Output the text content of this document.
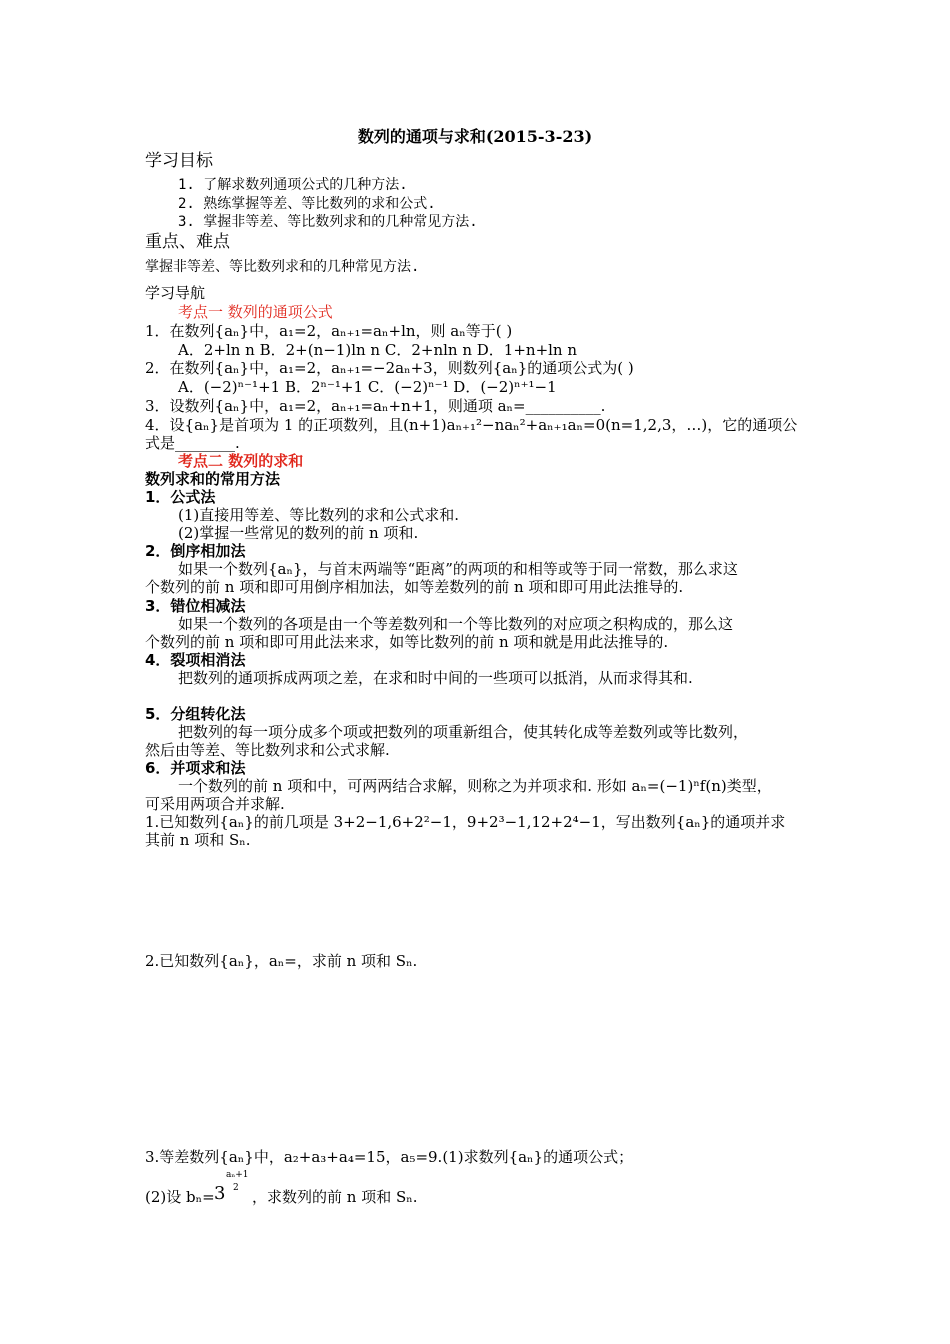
数列的通项与求和(2015-3-23)
学习目标
1. 了解求数列通项公式的几种方法.
2. 熟练掌握等差、等比数列的求和公式.
3. 掌握非等差、等比数列求和的几种常见方法.
重点、难点
掌握非等差、等比数列求和的几种常见方法.
学习导航
考点一 数列的通项公式
1．在数列{aₙ}中，a₁=2，aₙ₊₁=aₙ+ln，则 aₙ等于( )
A．2+ln n B．2+(n−1)ln n C．2+nln n D．1+n+ln n
2．在数列{aₙ}中，a₁=2，aₙ₊₁=−2aₙ+3，则数列{aₙ}的通项公式为( )
A．(−2)ⁿ⁻¹+1 B．2ⁿ⁻¹+1 C．(−2)ⁿ⁻¹ D．(−2)ⁿ⁺¹−1
3．设数列{aₙ}中，a₁=2，aₙ₊₁=aₙ+n+1，则通项 aₙ=__________.
4．设{aₙ}是首项为 1 的正项数列，且(n+1)aₙ₊₁²−naₙ²+aₙ₊₁aₙ=0(n=1,2,3，…)，它的通项公
式是________.
考点二 数列的求和
数列求和的常用方法
1．公式法
(1)直接用等差、等比数列的求和公式求和.
(2)掌握一些常见的数列的前 n 项和.
2．倒序相加法
如果一个数列{aₙ}，与首末两端等“距离”的两项的和相等或等于同一常数，那么求这
个数列的前 n 项和即可用倒序相加法，如等差数列的前 n 项和即可用此法推导的.
3．错位相减法
如果一个数列的各项是由一个等差数列和一个等比数列的对应项之积构成的，那么这
个数列的前 n 项和即可用此法来求，如等比数列的前 n 项和就是用此法推导的.
4．裂项相消法
把数列的通项拆成两项之差，在求和时中间的一些项可以抵消，从而求得其和.
5．分组转化法
把数列的每一项分成多个项或把数列的项重新组合，使其转化成等差数列或等比数列，
然后由等差、等比数列求和公式求解.
6．并项求和法
一个数列的前 n 项和中，可两两结合求解，则称之为并项求和. 形如 aₙ=(−1)ⁿf(n)类型，
可采用两项合并求解.
1.已知数列{aₙ}的前几项是 3+2−1,6+2²−1，9+2³−1,12+2⁴−1，写出数列{aₙ}的通项并求
其前 n 项和 Sₙ.
2.已知数列{aₙ}，aₙ=，求前 n 项和 Sₙ.
3.等差数列{aₙ}中，a₂+a₃+a₄=15，a₅=9.(1)求数列{aₙ}的通项公式；
(2)设 bₙ= 3
aₙ+1
2 ，求数列的前 n 项和 Sₙ.
